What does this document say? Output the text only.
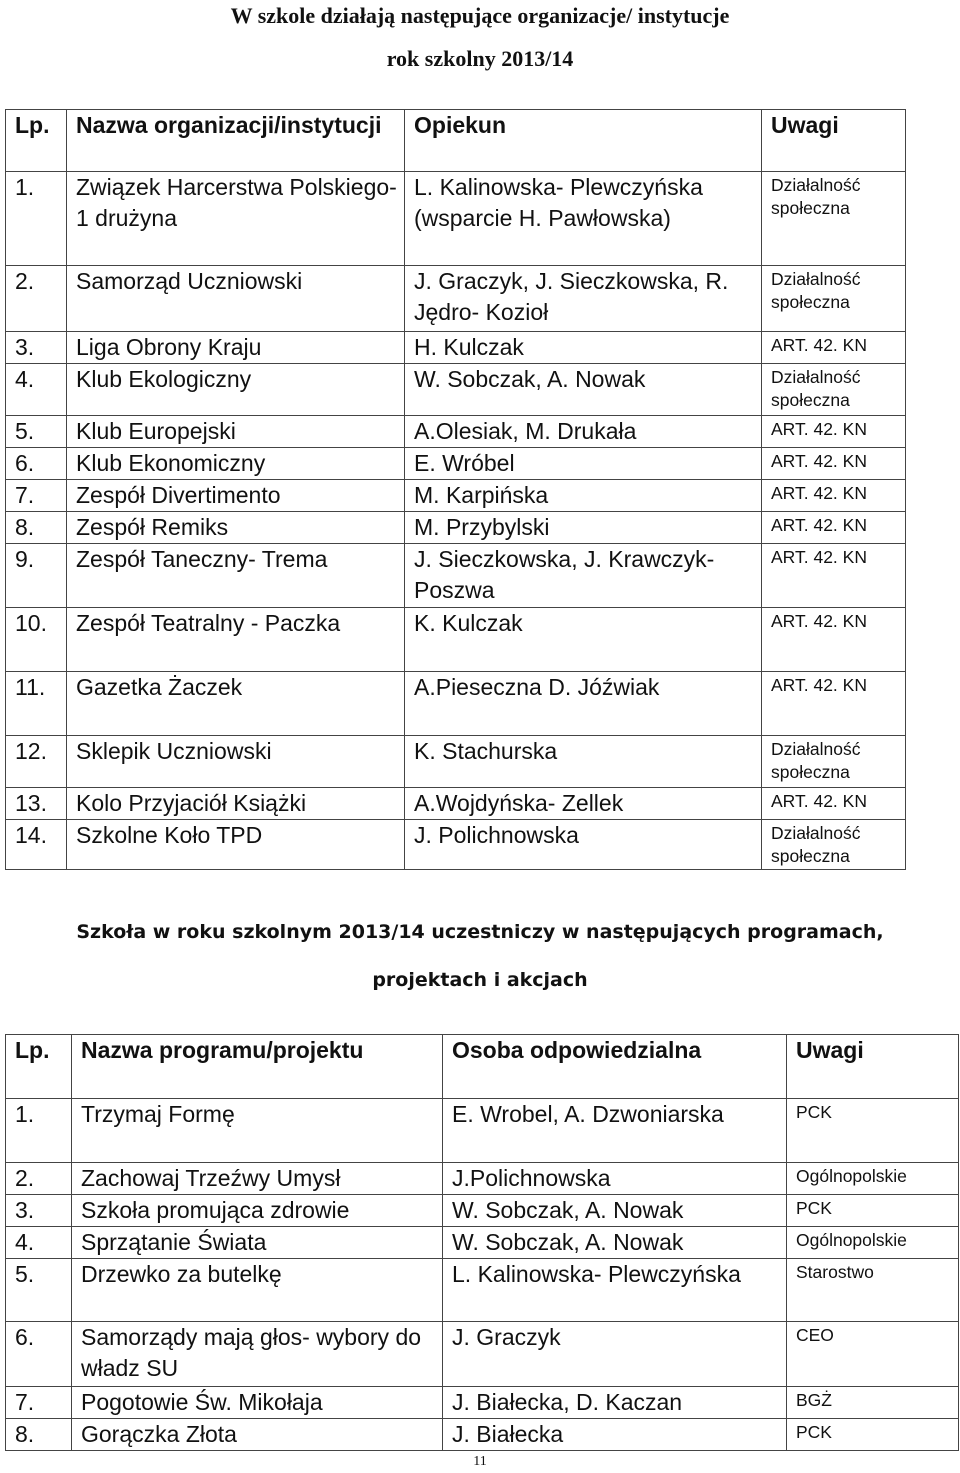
W szkole działają następujące organizacje/ instytucje
rok szkolny 2013/14
Lp.	Nazwa organizacji/instytucji	Opiekun	Uwagi
1.	Związek Harcerstwa Polskiego- 1 drużyna	L. Kalinowska- Plewczyńska (wsparcie H. Pawłowska)	Działalność społeczna

2.	Samorząd Uczniowski	J. Graczyk, J. Sieczkowska, R. Jędro- Kozioł	Działalność społeczna

3.	Liga Obrony Kraju	H. Kulczak	ART. 42. KN

4.	Klub Ekologiczny	W. Sobczak, A. Nowak	Działalność społeczna

5.	Klub Europejski	A.Olesiak, M. Drukała	ART. 42. KN

6.	Klub Ekonomiczny	E. Wróbel	ART. 42. KN

7.	Zespół Divertimento	M. Karpińska	ART. 42. KN

8.	Zespół Remiks	M. Przybylski	ART. 42. KN

9.	Zespół Taneczny- Trema	J. Sieczkowska, J. Krawczyk- Poszwa	ART. 42. KN

10.	Zespół Teatralny - Paczka	K. Kulczak	ART. 42. KN

11.	Gazetka Żaczek	A.Pieseczna D. Jóźwiak	ART. 42. KN

12.	Sklepik Uczniowski	K. Stachurska	Działalność społeczna

13.	Kolo Przyjaciół Książki	A.Wojdyńska- Zellek	ART. 42. KN

14.	Szkolne Koło TPD	J. Polichnowska	Działalność społeczna
Szkoła w roku szkolnym 2013/14 uczestniczy w następujących programach,
projektach i akcjach
Lp.	Nazwa programu/projektu	Osoba odpowiedzialna	Uwagi
1.	Trzymaj Formę	E. Wrobel, A. Dzwoniarska	PCK

2.	Zachowaj Trzeźwy Umysł	J.Polichnowska	Ogólnopolskie

3.	Szkoła promująca zdrowie	W. Sobczak, A. Nowak	PCK

4.	Sprzątanie Świata	W. Sobczak, A. Nowak	Ogólnopolskie

5.	Drzewko za butelkę	L. Kalinowska- Plewczyńska	Starostwo

6.	Samorządy mają głos- wybory do władz SU	J. Graczyk	CEO

7.	Pogotowie Św. Mikołaja	J. Białecka, D. Kaczan	BGŻ

8.	Gorączka Złota	J. Białecka	PCK
11
